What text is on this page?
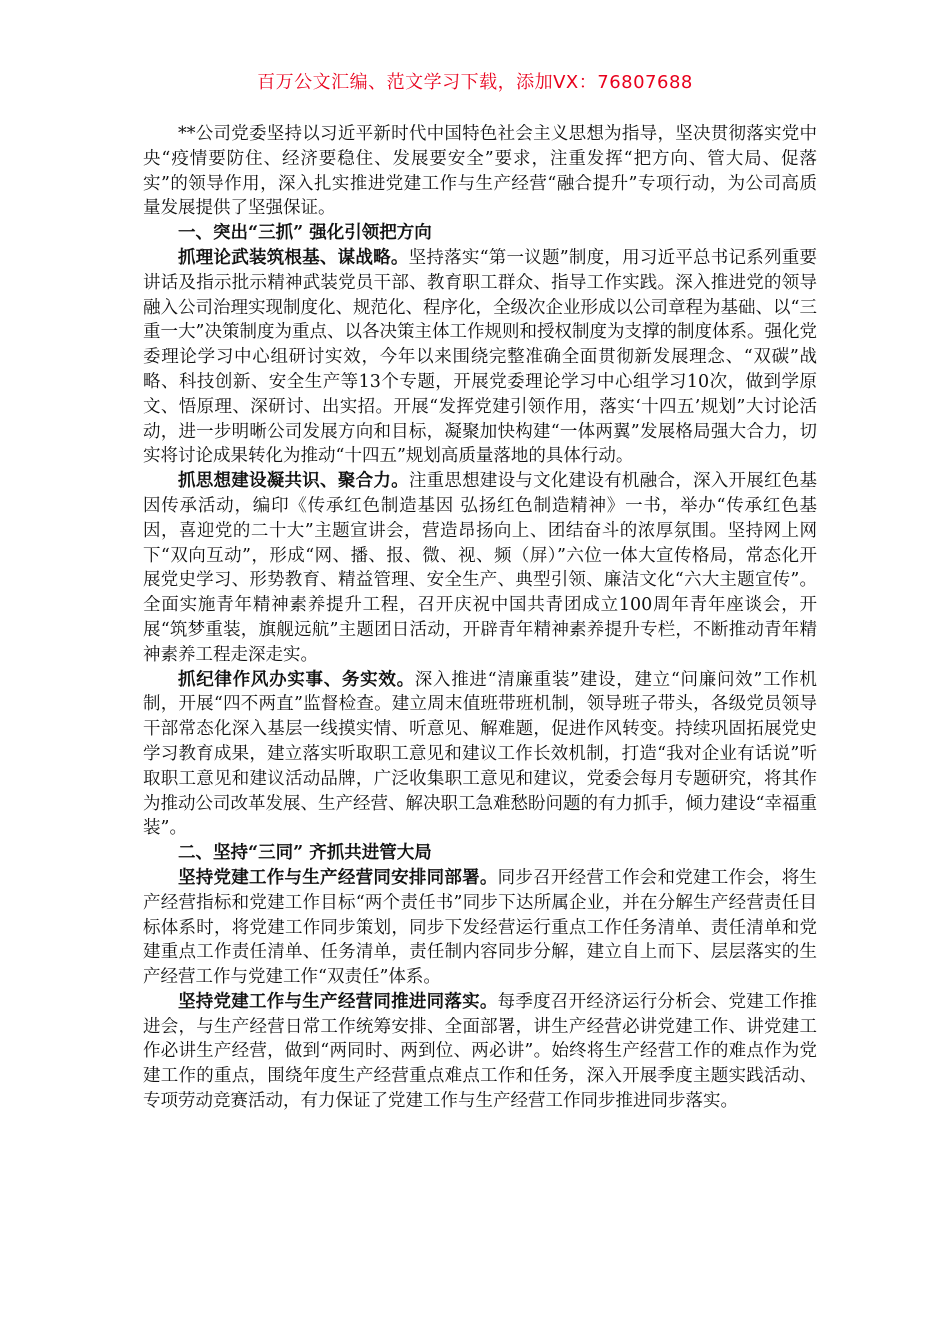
百万公文汇编、范文学习下载，添加VX：76807688

**公司党委坚持以习近平新时代中国特色社会主义思想为指导，坚决贯彻落实党中央“疫情要防住、经济要稳住、发展要安全”要求，注重发挥“把方向、管大局、促落实”的领导作用，深入扎实推进党建工作与生产经营“融合提升”专项行动，为公司高质量发展提供了坚强保证。

一、突出“三抓” 强化引领把方向

抓理论武装筑根基、谋战略。坚持落实“第一议题”制度，用习近平总书记系列重要讲话及指示批示精神武装党员干部、教育职工群众、指导工作实践。深入推进党的领导融入公司治理实现制度化、规范化、程序化，全级次企业形成以公司章程为基础、以“三重一大”决策制度为重点、以各决策主体工作规则和授权制度为支撑的制度体系。强化党委理论学习中心组研讨实效，今年以来围绕完整准确全面贯彻新发展理念、“双碳”战略、科技创新、安全生产等13个专题，开展党委理论学习中心组学习10次，做到学原文、悟原理、深研讨、出实招。开展“发挥党建引领作用，落实‘十四五’规划”大讨论活动，进一步明晰公司发展方向和目标，凝聚加快构建“一体两翼”发展格局强大合力，切实将讨论成果转化为推动“十四五”规划高质量落地的具体行动。

抓思想建设凝共识、聚合力。注重思想建设与文化建设有机融合，深入开展红色基因传承活动，编印《传承红色制造基因 弘扬红色制造精神》一书，举办“传承红色基因，喜迎党的二十大”主题宣讲会，营造昂扬向上、团结奋斗的浓厚氛围。坚持网上网下“双向互动”，形成“网、播、报、微、视、频（屏）”六位一体大宣传格局，常态化开展党史学习、形势教育、精益管理、安全生产、典型引领、廉洁文化“六大主题宣传”。全面实施青年精神素养提升工程，召开庆祝中国共青团成立100周年青年座谈会，开展“筑梦重装，旗舰远航”主题团日活动，开辟青年精神素养提升专栏，不断推动青年精神素养工程走深走实。

抓纪律作风办实事、务实效。深入推进“清廉重装”建设，建立“问廉问效”工作机制，开展“四不两直”监督检查。建立周末值班带班机制，领导班子带头，各级党员领导干部常态化深入基层一线摸实情、听意见、解难题，促进作风转变。持续巩固拓展党史学习教育成果，建立落实听取职工意见和建议工作长效机制，打造“我对企业有话说”听取职工意见和建议活动品牌，广泛收集职工意见和建议，党委会每月专题研究，将其作为推动公司改革发展、生产经营、解决职工急难愁盼问题的有力抓手，倾力建设“幸福重装”。

二、坚持“三同” 齐抓共进管大局

坚持党建工作与生产经营同安排同部署。同步召开经营工作会和党建工作会，将生产经营指标和党建工作目标“两个责任书”同步下达所属企业，并在分解生产经营责任目标体系时，将党建工作同步策划，同步下发经营运行重点工作任务清单、责任清单和党建重点工作责任清单、任务清单，责任制内容同步分解，建立自上而下、层层落实的生产经营工作与党建工作“双责任”体系。

坚持党建工作与生产经营同推进同落实。每季度召开经济运行分析会、党建工作推进会，与生产经营日常工作统筹安排、全面部署，讲生产经营必讲党建工作、讲党建工作必讲生产经营，做到“两同时、两到位、两必讲”。始终将生产经营工作的难点作为党建工作的重点，围绕年度生产经营重点难点工作和任务，深入开展季度主题实践活动、专项劳动竞赛活动，有力保证了党建工作与生产经营工作同步推进同步落实。
